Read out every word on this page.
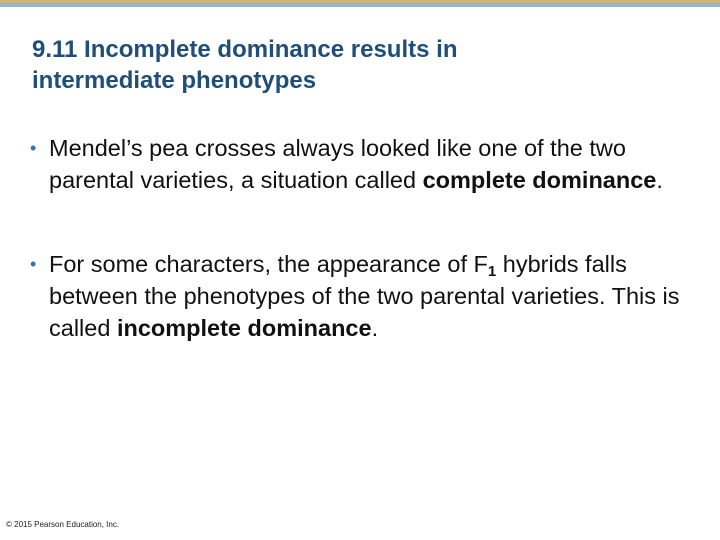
9.11 Incomplete dominance results in
intermediate phenotypes
• Mendel’s pea crosses always looked like one of the two parental varieties, a situation called complete dominance.
• For some characters, the appearance of $F_1$ hybrids falls between the phenotypes of the two parental varieties. This is called incomplete dominance.
© 2015 Pearson Education, Inc.
